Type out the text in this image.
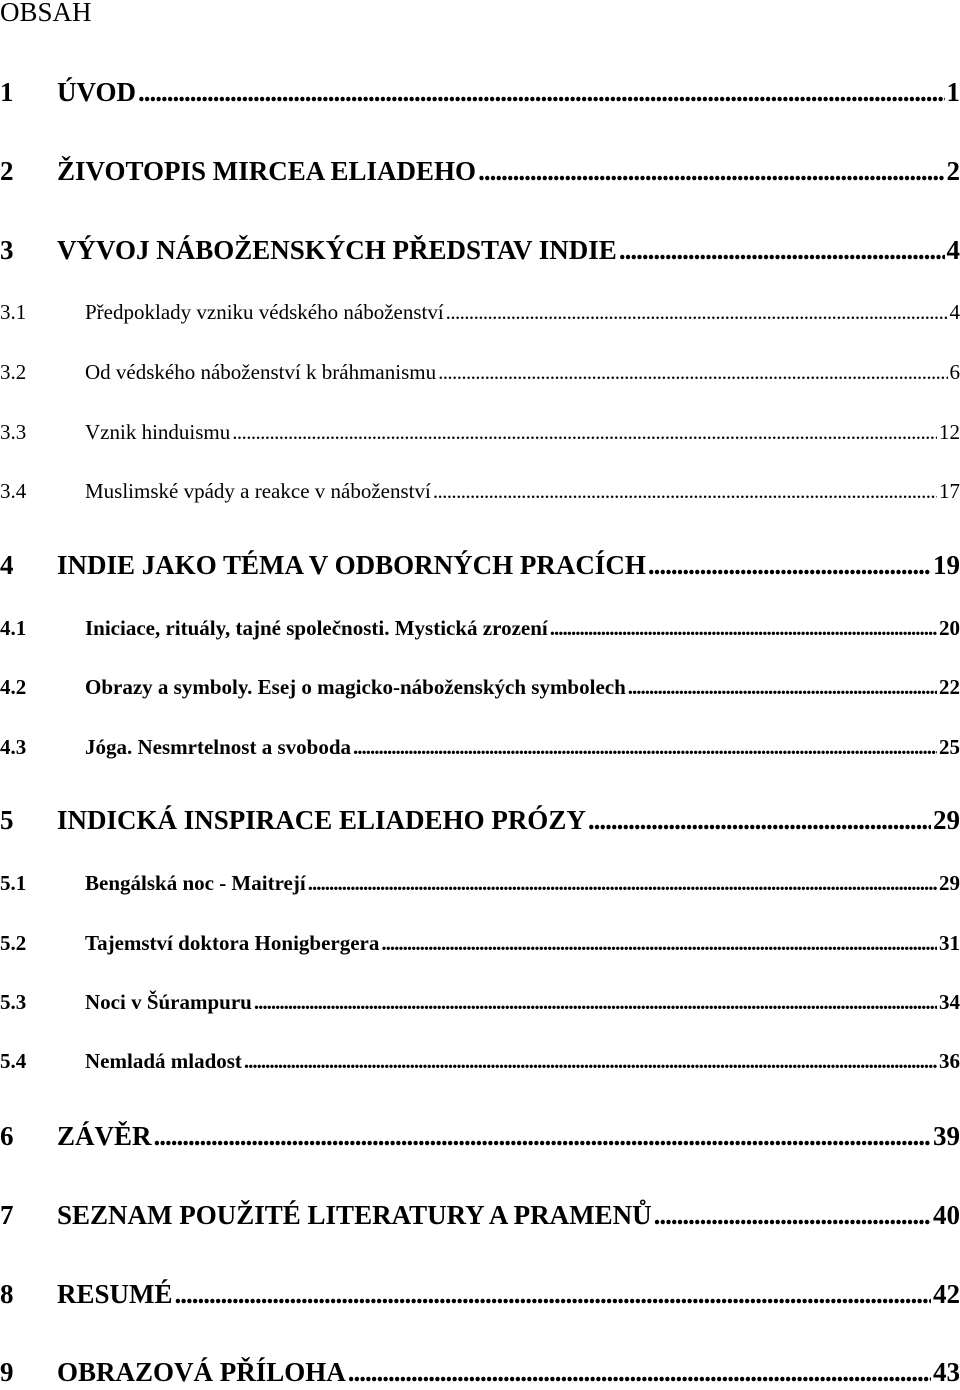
OBSAH
1	ÚVOD .....	1
2	ŽIVOTOPIS MIRCEA ELIADEHO .....	2
3	VÝVOJ NÁBOŽENSKÝCH PŘEDSTAV INDIE .....	4
3.1	Předpoklady vzniku védského náboženství .....	4
3.2	Od védského náboženství k bráhmanismu .....	6
3.3	Vznik hinduismu .....	12
3.4	Muslimské vpády a reakce v náboženství .....	17
4	INDIE JAKO TÉMA V ODBORNÝCH PRACÍCH .....	19
4.1	Iniciace, rituály, tajné společnosti. Mystická zrození .....	20
4.2	Obrazy a symboly. Esej o magicko-náboženských symbolech .....	22
4.3	Jóga. Nesmrtelnost a svoboda .....	25
5	INDICKÁ INSPIRACE ELIADEHO PRÓZY .....	29
5.1	Bengálská noc - Maitrejí .....	29
5.2	Tajemství doktora Honigbergera .....	31
5.3	Noci v Šúrampuru .....	34
5.4	Nemladá mladost .....	36
6	ZÁVĚR .....	39
7	SEZNAM POUŽITÉ LITERATURY A PRAMENŮ .....	40
8	RESUMÉ .....	42
9	OBRAZOVÁ PŘÍLOHA .....	43
